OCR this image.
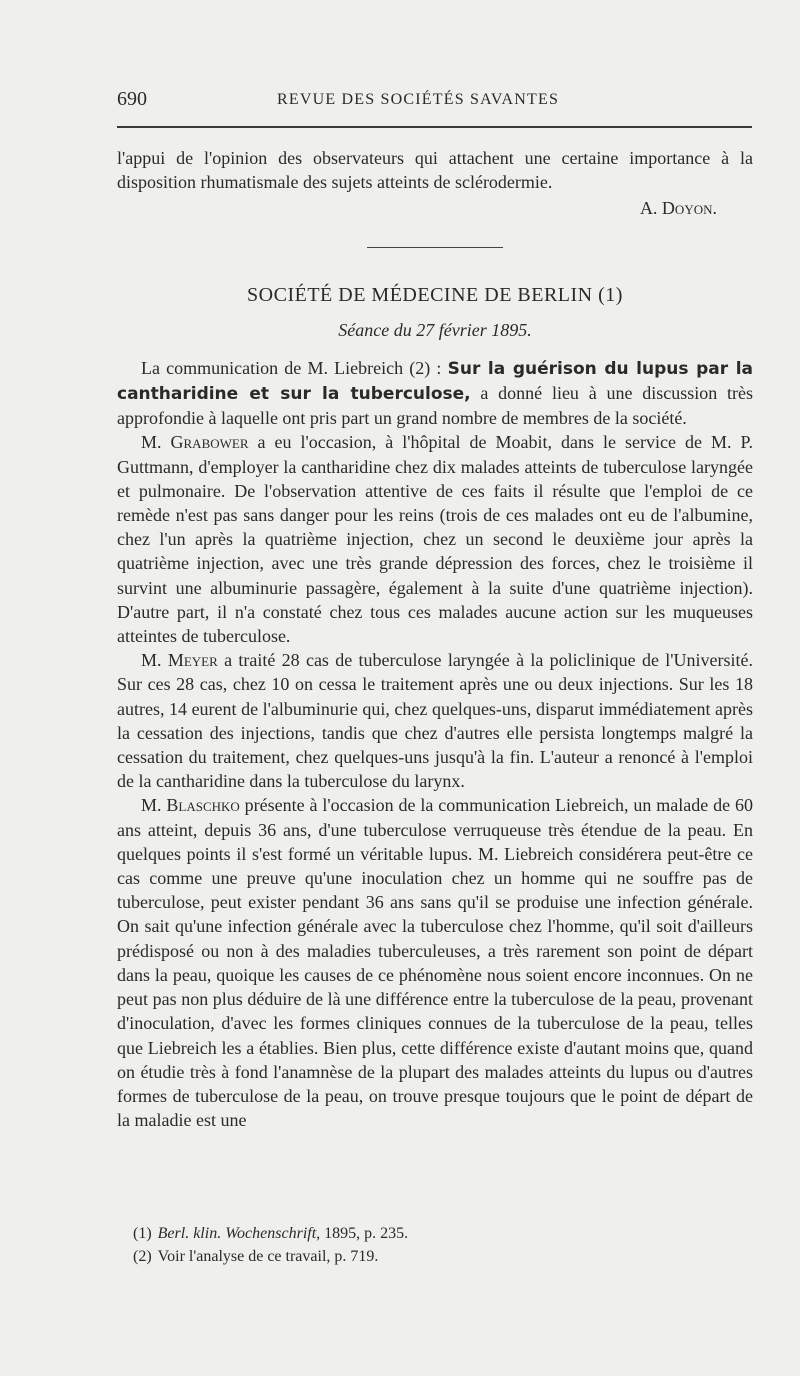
690	REVUE DES SOCIÉTÉS SAVANTES

l'appui de l'opinion des observateurs qui attachent une certaine importance à la disposition rhumatismale des sujets atteints de sclérodermie.

A. Doyon.
SOCIÉTÉ DE MÉDECINE DE BERLIN (1)
Séance du 27 février 1895.

La communication de M. Liebreich (2) : Sur la guérison du lupus par la cantharidine et sur la tuberculose, a donné lieu à une discussion très approfondie à laquelle ont pris part un grand nombre de membres de la société.

M. Grabower a eu l'occasion, à l'hôpital de Moabit, dans le service de M. P. Guttmann, d'employer la cantharidine chez dix malades atteints de tuberculose laryngée et pulmonaire. De l'observation attentive de ces faits il résulte que l'emploi de ce remède n'est pas sans danger pour les reins (trois de ces malades ont eu de l'albumine, chez l'un après la quatrième injection, chez un second le deuxième jour après la quatrième injection, avec une très grande dépression des forces, chez le troisième il survint une albuminurie passagère, également à la suite d'une quatrième injection). D'autre part, il n'a constaté chez tous ces malades aucune action sur les muqueuses atteintes de tuberculose.

M. Meyer a traité 28 cas de tuberculose laryngée à la policlinique de l'Université. Sur ces 28 cas, chez 10 on cessa le traitement après une ou deux injections. Sur les 18 autres, 14 eurent de l'albuminurie qui, chez quelques-uns, disparut immédiatement après la cessation des injections, tandis que chez d'autres elle persista longtemps malgré la cessation du traitement, chez quelques-uns jusqu'à la fin. L'auteur a renoncé à l'emploi de la cantharidine dans la tuberculose du larynx.

M. Blaschko présente à l'occasion de la communication Liebreich, un malade de 60 ans atteint, depuis 36 ans, d'une tuberculose verruqueuse très étendue de la peau. En quelques points il s'est formé un véritable lupus. M. Liebreich considérera peut-être ce cas comme une preuve qu'une inoculation chez un homme qui ne souffre pas de tuberculose, peut exister pendant 36 ans sans qu'il se produise une infection générale. On sait qu'une infection générale avec la tuberculose chez l'homme, qu'il soit d'ailleurs prédisposé ou non à des maladies tuberculeuses, a très rarement son point de départ dans la peau, quoique les causes de ce phénomène nous soient encore inconnues. On ne peut pas non plus déduire de là une différence entre la tuberculose de la peau, provenant d'inoculation, d'avec les formes cliniques connues de la tuberculose de la peau, telles que Liebreich les a établies. Bien plus, cette différence existe d'autant moins que, quand on étudie très à fond l'anamnèse de la plupart des malades atteints du lupus ou d'autres formes de tuberculose de la peau, on trouve presque toujours que le point de départ de la maladie est une

(1) Berl. klin. Wochenschrift, 1895, p. 235.
(2) Voir l'analyse de ce travail, p. 719.
